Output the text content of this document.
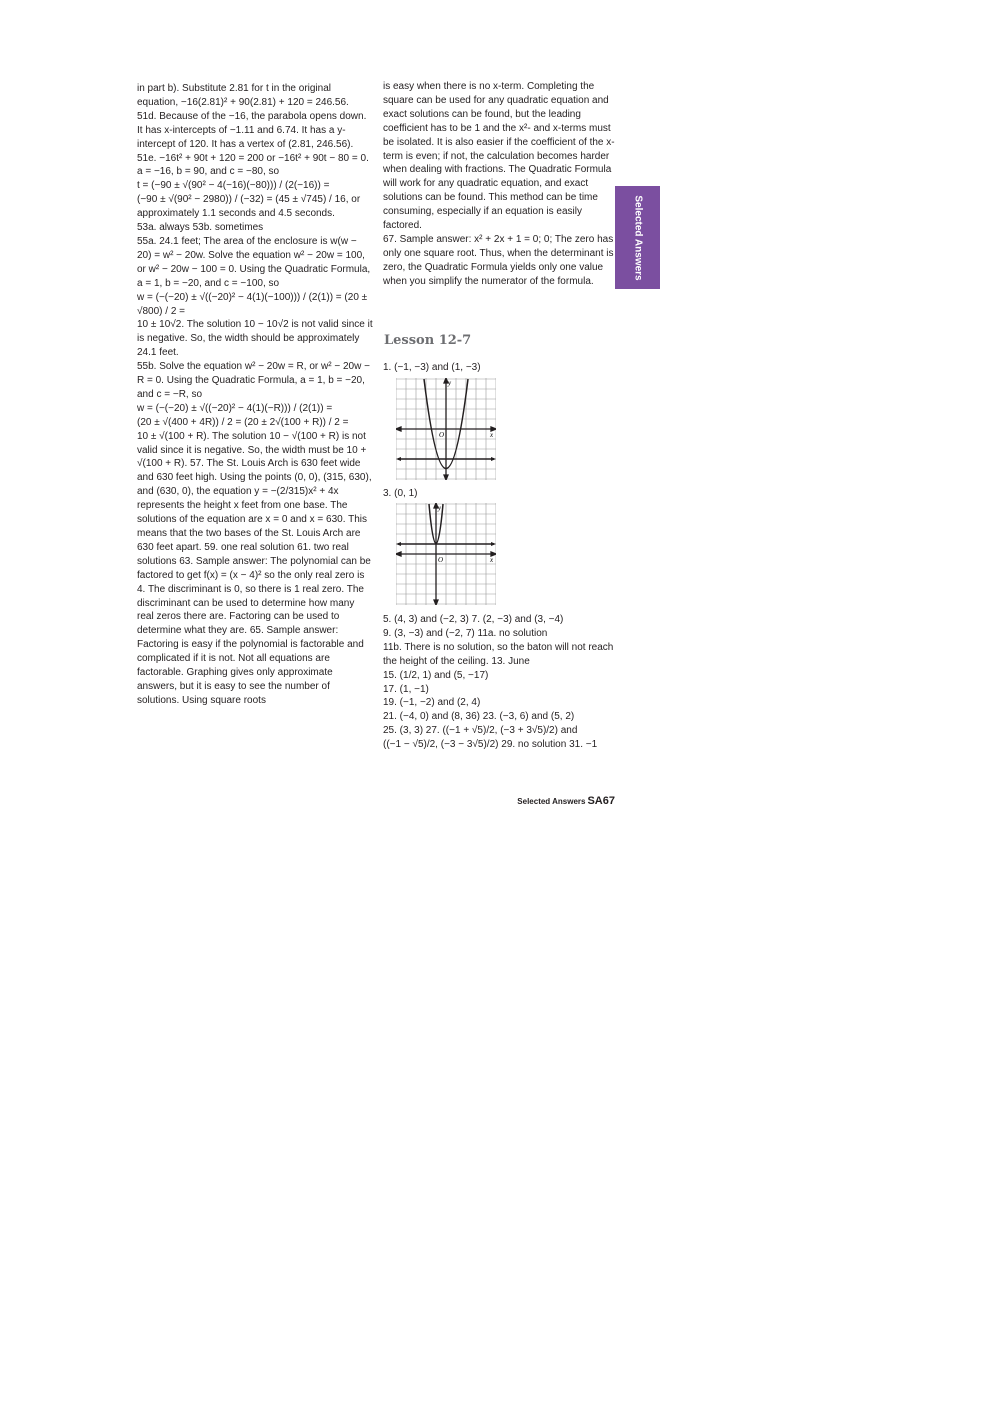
in part b). Substitute 2.81 for t in the original equation, −16(2.81)² + 90(2.81) + 120 = 246.56.

51d. Because of the −16, the parabola opens down. It has x-intercepts of −1.11 and 6.74. It has a y-intercept of 120. It has a vertex of (2.81, 246.56).

51e. −16t² + 90t + 120 = 200 or −16t² + 90t − 80 = 0. a = −16, b = 90, and c = −80, so

t = (−90 ± √(90² − 4(−16)(−80))) / (2(−16)) =

(−90 ± √(90² − 2980)) / (−32) = (45 ± √745) / 16, or approximately 1.1 seconds and 4.5 seconds.

53a. always 53b. sometimes

55a. 24.1 feet; The area of the enclosure is w(w − 20) = w² − 20w. Solve the equation w² − 20w = 100, or w² − 20w − 100 = 0. Using the Quadratic Formula, a = 1, b = −20, and c = −100, so

w = (−(−20) ± √((−20)² − 4(1)(−100))) / (2(1)) = (20 ± √800) / 2 =

10 ± 10√2. The solution 10 − 10√2 is not valid since it is negative. So, the width should be approximately 24.1 feet.

55b. Solve the equation w² − 20w = R, or w² − 20w − R = 0. Using the Quadratic Formula, a = 1, b = −20, and c = −R, so

w = (−(−20) ± √((−20)² − 4(1)(−R))) / (2(1)) =

(20 ± √(400 + 4R)) / 2 = (20 ± 2√(100 + R)) / 2 =

10 ± √(100 + R). The solution 10 − √(100 + R) is not valid since it is negative. So, the width must be 10 + √(100 + R). 57. The St. Louis Arch is 630 feet wide and 630 feet high. Using the points (0, 0), (315, 630), and (630, 0), the equation y = −(2/315)x² + 4x represents the height x feet from one base. The solutions of the equation are x = 0 and x = 630. This means that the two bases of the St. Louis Arch are 630 feet apart. 59. one real solution 61. two real solutions 63. Sample answer: The polynomial can be factored to get f(x) = (x − 4)² so the only real zero is 4. The discriminant is 0, so there is 1 real zero. The discriminant can be used to determine how many real zeros there are. Factoring can be used to determine what they are. 65. Sample answer: Factoring is easy if the polynomial is factorable and complicated if it is not. Not all equations are factorable. Graphing gives only approximate answers, but it is easy to see the number of solutions. Using square roots

is easy when there is no x-term. Completing the square can be used for any quadratic equation and exact solutions can be found, but the leading coefficient has to be 1 and the x²- and x-terms must be isolated. It is also easier if the coefficient of the x-term is even; if not, the calculation becomes harder when dealing with fractions. The Quadratic Formula will work for any quadratic equation, and exact solutions can be found. This method can be time consuming, especially if an equation is easily factored.

67. Sample answer: x² + 2x + 1 = 0; 0; The zero has only one square root. Thus, when the determinant is zero, the Quadratic Formula yields only one value when you simplify the numerator of the formula.

Selected Answers
Lesson 12-7
1. (−1, −3) and (1, −3)
y
x
O
3. (0, 1)
y
x
O

5. (4, 3) and (−2, 3) 7. (2, −3) and (3, −4)

9. (3, −3) and (−2, 7) 11a. no solution

11b. There is no solution, so the baton will not reach the height of the ceiling. 13. June

15. (1/2, 1) and (5, −17)

17. (1, −1)

19. (−1, −2) and (2, 4)

21. (−4, 0) and (8, 36) 23. (−3, 6) and (5, 2)

25. (3, 3) 27. ((−1 + √5)/2, (−3 + 3√5)/2) and

((−1 − √5)/2, (−3 − 3√5)/2) 29. no solution 31. −1

Selected Answers SA67
